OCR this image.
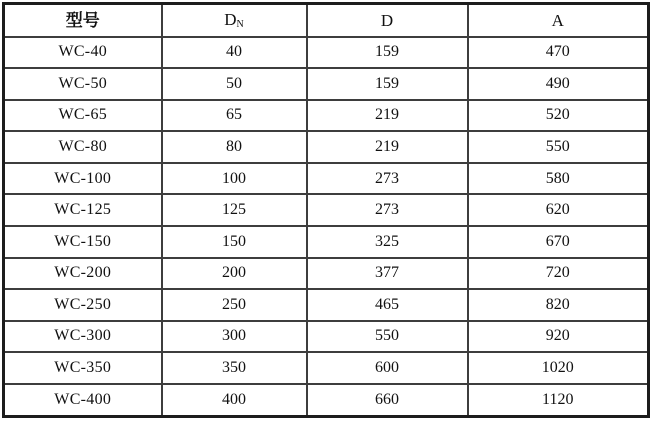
型号	$D_N$	D	A
WC-40	40	159	470
WC-50	50	159	490
WC-65	65	219	520
WC-80	80	219	550
WC-100	100	273	580
WC-125	125	273	620
WC-150	150	325	670
WC-200	200	377	720
WC-250	250	465	820
WC-300	300	550	920
WC-350	350	600	1020
WC-400	400	660	1120
